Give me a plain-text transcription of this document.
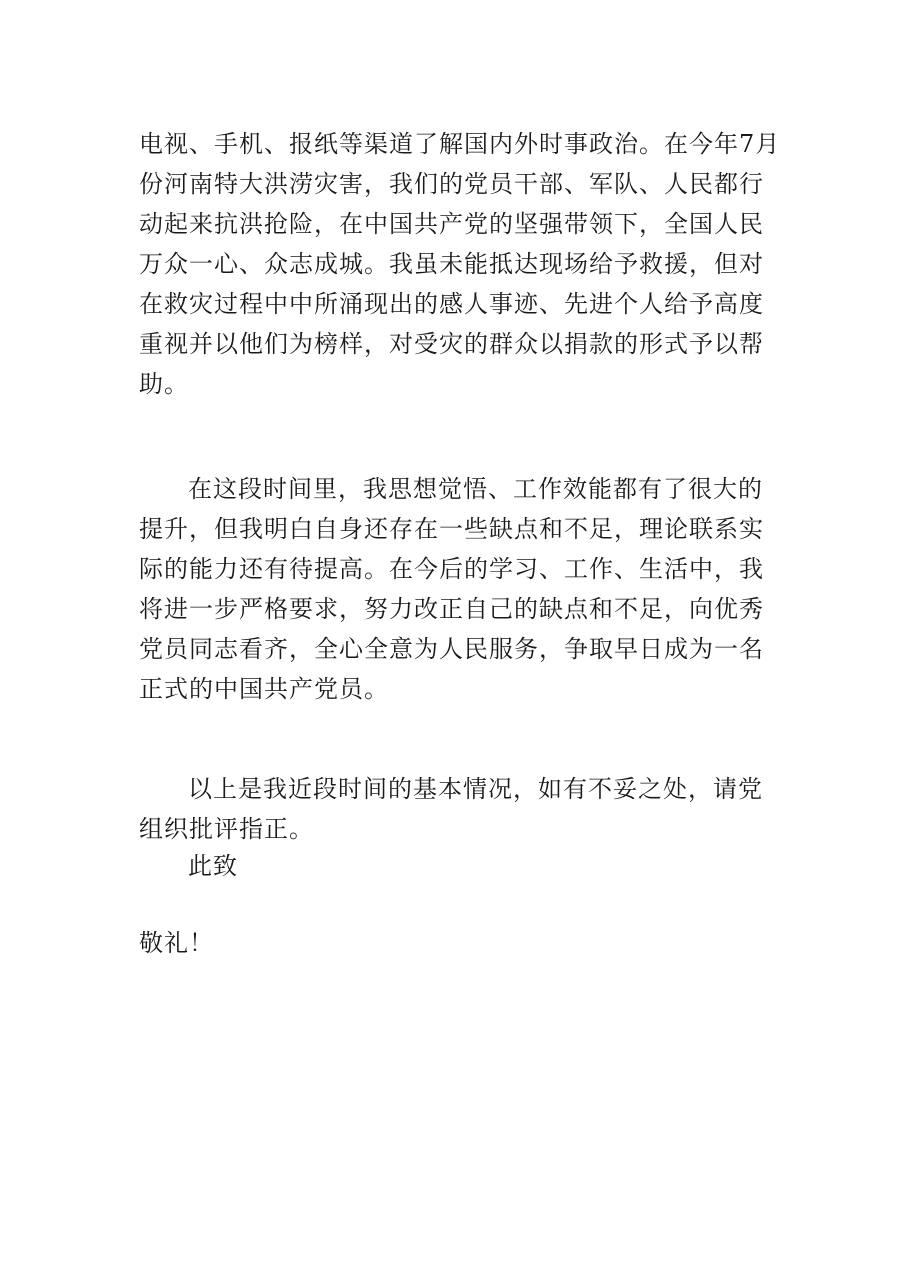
电视、手机、报纸等渠道了解国内外时事政治。在今年7月
份河南特大洪涝灾害，我们的党员干部、军队、人民都行
动起来抗洪抢险，在中国共产党的坚强带领下，全国人民
万众一心、众志成城。我虽未能抵达现场给予救援，但对
在救灾过程中中所涌现出的感人事迹、先进个人给予高度
重视并以他们为榜样，对受灾的群众以捐款的形式予以帮
助。
在这段时间里，我思想觉悟、工作效能都有了很大的
提升，但我明白自身还存在一些缺点和不足，理论联系实
际的能力还有待提高。在今后的学习、工作、生活中，我
将进一步严格要求，努力改正自己的缺点和不足，向优秀
党员同志看齐，全心全意为人民服务，争取早日成为一名
正式的中国共产党员。
以上是我近段时间的基本情况，如有不妥之处，请党
组织批评指正。
此致
敬礼！
